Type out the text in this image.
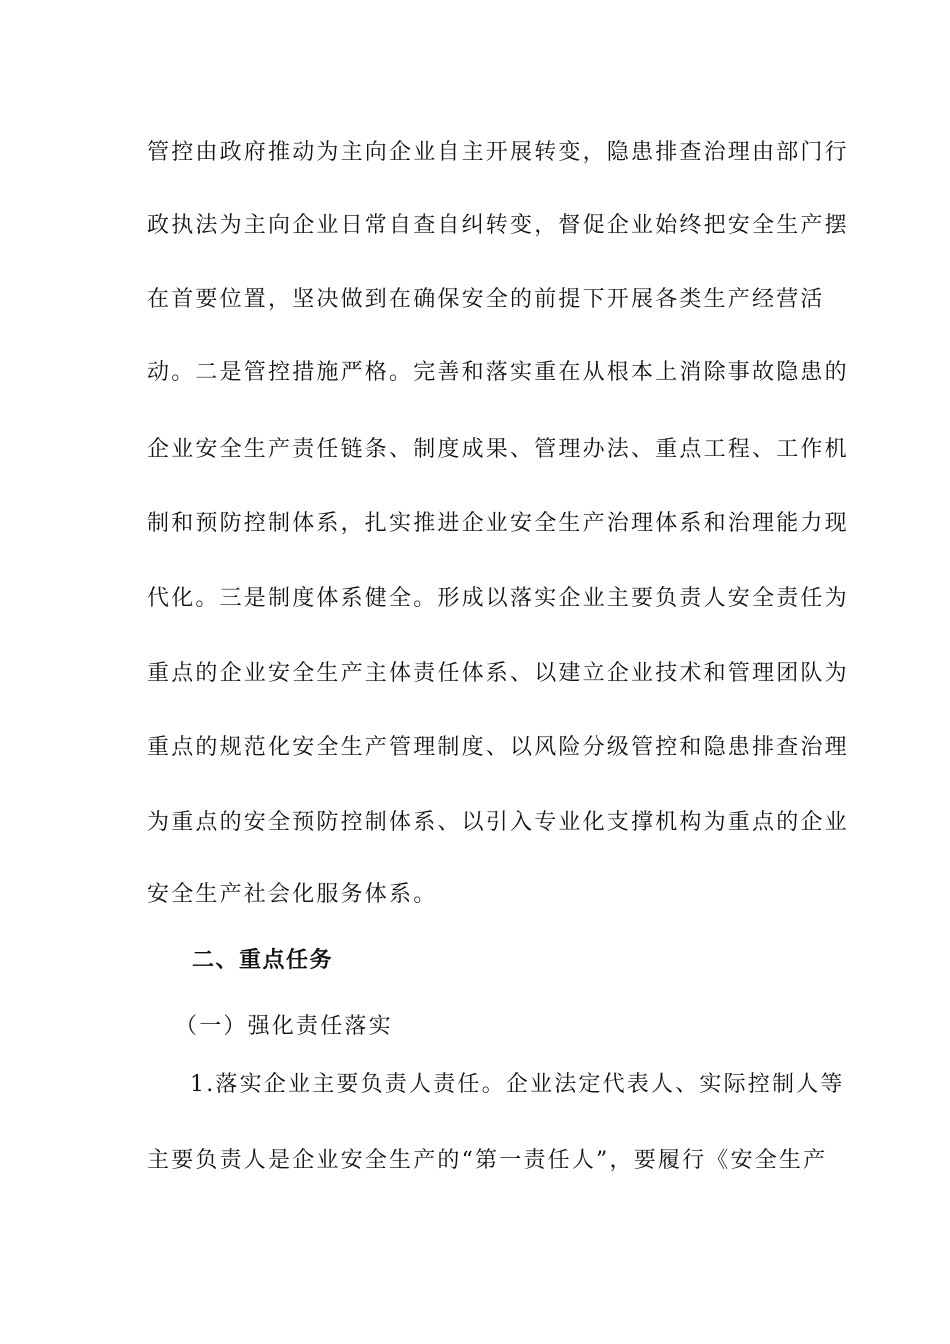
管控由政府推动为主向企业自主开展转变，隐患排查治理由部门行
政执法为主向企业日常自查自纠转变，督促企业始终把安全生产摆
在首要位置，坚决做到在确保安全的前提下开展各类生产经营活
动。二是管控措施严格。完善和落实重在从根本上消除事故隐患的
企业安全生产责任链条、制度成果、管理办法、重点工程、工作机
制和预防控制体系，扎实推进企业安全生产治理体系和治理能力现
代化。三是制度体系健全。形成以落实企业主要负责人安全责任为
重点的企业安全生产主体责任体系、以建立企业技术和管理团队为
重点的规范化安全生产管理制度、以风险分级管控和隐患排查治理
为重点的安全预防控制体系、以引入专业化支撑机构为重点的企业
安全生产社会化服务体系。
二、重点任务
（一）强化责任落实
1.落实企业主要负责人责任。企业法定代表人、实际控制人等
主要负责人是企业安全生产的“第一责任人”，要履行《安全生产
